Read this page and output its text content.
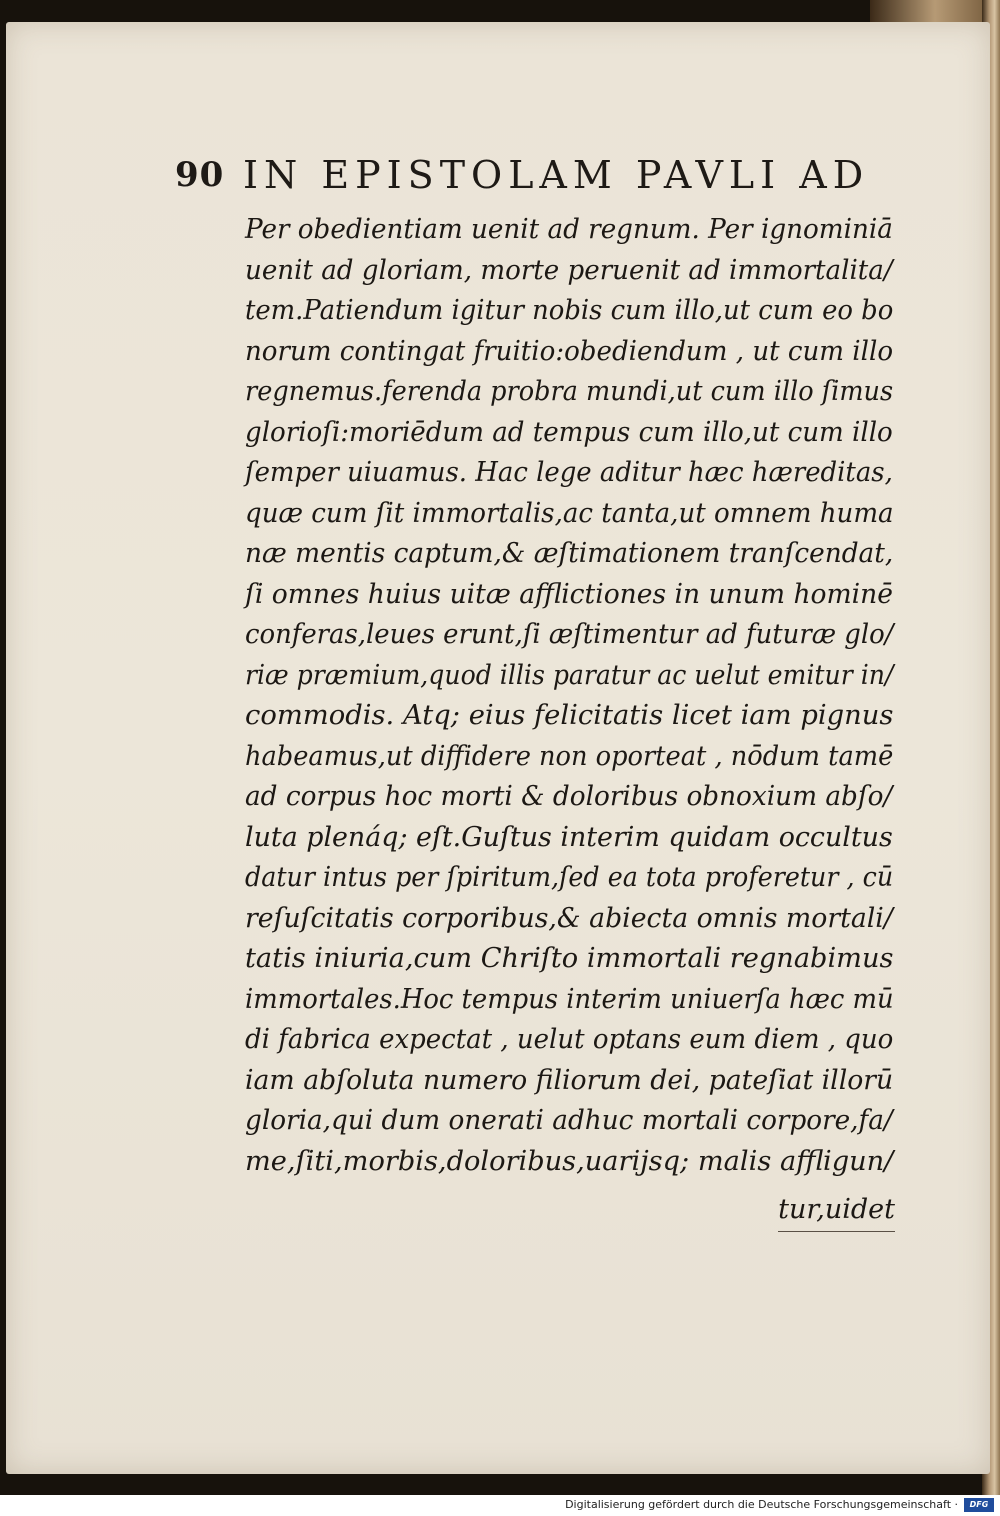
90 IN EPISTOLAM PAVLI AD
Per obedientiam uenit ad regnum. Per ignominiā
uenit ad gloriam, morte peruenit ad immortalita/
tem.Patiendum igitur nobis cum illo,ut cum eo bo
norum contingat fruitio:obediendum , ut cum illo
regnemus.ferenda probra mundi,ut cum illo ſimus
glorioſi:moriēdum ad tempus cum illo,ut cum illo
ſemper uiuamus. Hac lege aditur hæc hæreditas,
quæ cum ſit immortalis,ac tanta,ut omnem huma
næ mentis captum,& æſtimationem tranſcendat,
ſi omnes huius uitæ afflictiones in unum hominē
conferas,leues erunt,ſi æſtimentur ad futuræ glo/
riæ præmium,quod illis paratur ac uelut emitur in/
commodis. Atq; eius felicitatis licet iam pignus
habeamus,ut diffidere non oporteat , nōdum tamē
ad corpus hoc morti & doloribus obnoxium abſo/
luta plenáq; eſt.Guſtus interim quidam occultus
datur intus per ſpiritum,ſed ea tota proferetur , cū
reſuſcitatis corporibus,& abiecta omnis mortali/
tatis iniuria,cum Chriſto immortali regnabimus
immortales.Hoc tempus interim uniuerſa hæc mū
di fabrica expectat , uelut optans eum diem , quo
iam abſoluta numero filiorum dei, pateſiat illorū
gloria,qui dum onerati adhuc mortali corpore,fa/
me,ſiti,morbis,doloribus,uarijsq; malis affligun/
tur,uidet
Digitalisierung gefördert durch die Deutsche Forschungsgemeinschaft ·	DFG
